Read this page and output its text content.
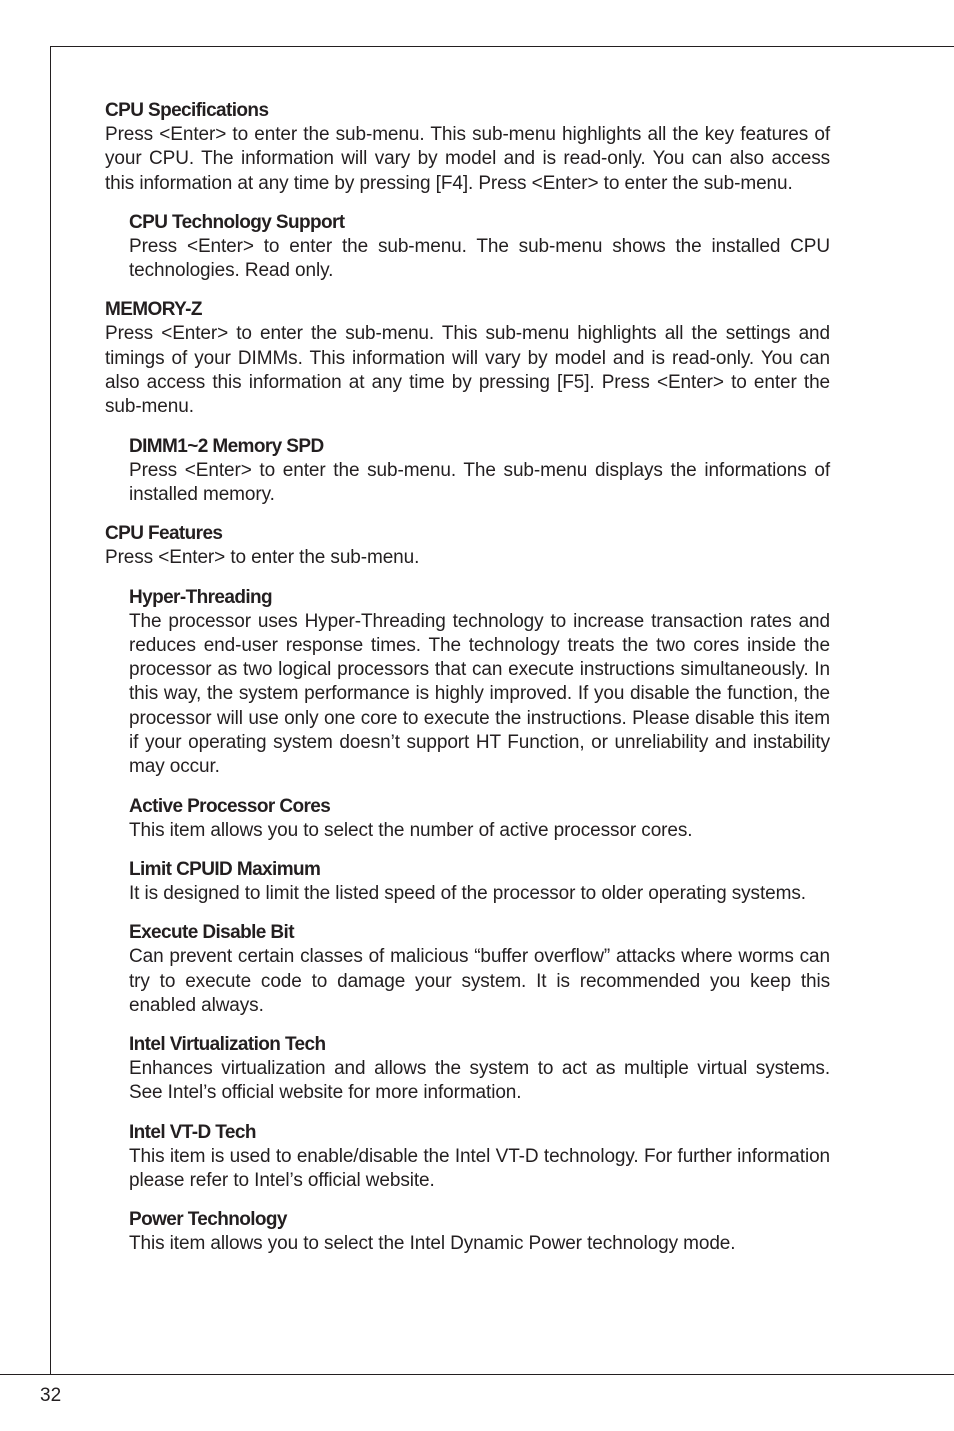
CPU Specifications
Press <Enter> to enter the sub-menu. This sub-menu highlights all the key features of your CPU. The information will vary by model and is read-only. You can also access this information at any time by pressing [F4]. Press <Enter> to enter the sub-menu.
CPU Technology Support
Press <Enter> to enter the sub-menu. The sub-menu shows the installed CPU technologies. Read only.
MEMORY-Z
Press <Enter> to enter the sub-menu. This sub-menu highlights all the settings and timings of your DIMMs. This information will vary by model and is read-only. You can also access this information at any time by pressing [F5]. Press <Enter> to enter the sub-menu.
DIMM1~2 Memory SPD
Press <Enter> to enter the sub-menu. The sub-menu displays the informations of installed memory.
CPU Features
Press <Enter> to enter the sub-menu.
Hyper-Threading
The processor uses Hyper-Threading technology to increase transaction rates and reduces end-user response times. The technology treats the two cores inside the processor as two logical processors that can execute instructions simultaneously. In this way, the system performance is highly improved. If you disable the function, the processor will use only one core to execute the instructions. Please disable this item if your operating system doesn’t support HT Function, or unreliability and instability may occur.
Active Processor Cores
This item allows you to select the number of active processor cores.
Limit CPUID Maximum
It is designed to limit the listed speed of the processor to older operating systems.
Execute Disable Bit
Can prevent certain classes of malicious “buffer overflow” attacks where worms can try to execute code to damage your system. It is recommended you keep this enabled always.
Intel Virtualization Tech
Enhances virtualization and allows the system to act as multiple virtual systems. See Intel’s official website for more information.
Intel VT-D Tech
This item is used to enable/disable the Intel VT-D technology. For further information please refer to Intel’s official website.
Power Technology
This item allows you to select the Intel Dynamic Power technology mode.
32
